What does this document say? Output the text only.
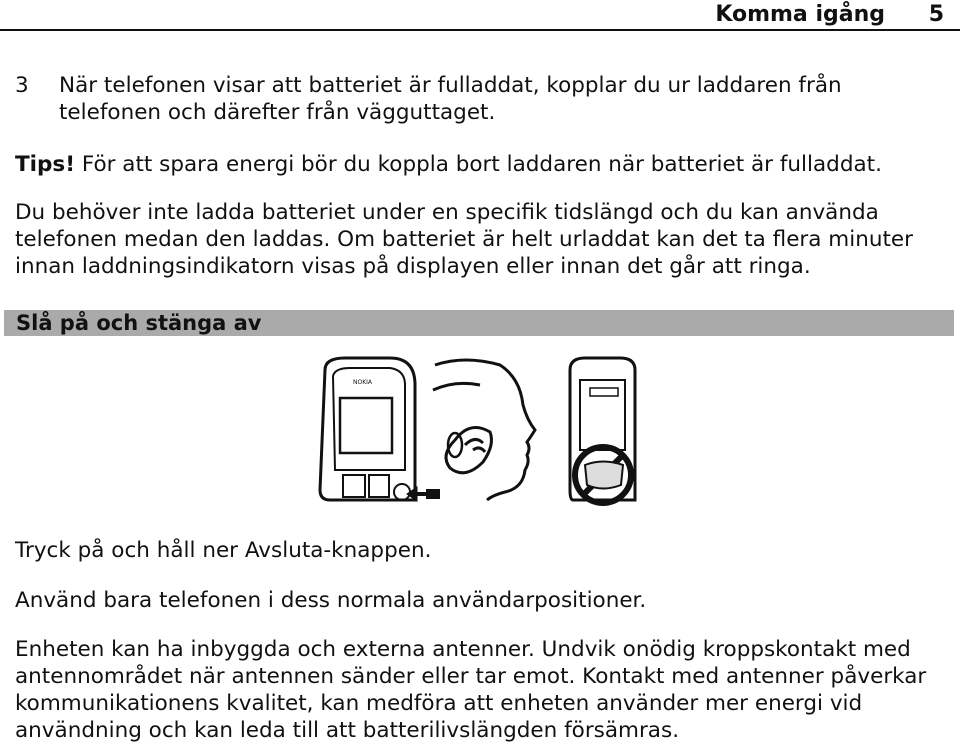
Komma igång 5
3 När telefonen visar att batteriet är fulladdat, kopplar du ur laddaren från telefonen och därefter från vägguttaget.
Tips! För att spara energi bör du koppla bort laddaren när batteriet är fulladdat.
Du behöver inte ladda batteriet under en specifik tidslängd och du kan använda telefonen medan den laddas. Om batteriet är helt urladdat kan det ta flera minuter innan laddningsindikatorn visas på displayen eller innan det går att ringa.
Slå på och stänga av
NOKIA
Tryck på och håll ner Avsluta-knappen.
Använd bara telefonen i dess normala användarpositioner.
Enheten kan ha inbyggda och externa antenner. Undvik onödig kroppskontakt med antennområdet när antennen sänder eller tar emot. Kontakt med antenner påverkar kommunikationens kvalitet, kan medföra att enheten använder mer energi vid användning och kan leda till att batterilivslängden försämras.
